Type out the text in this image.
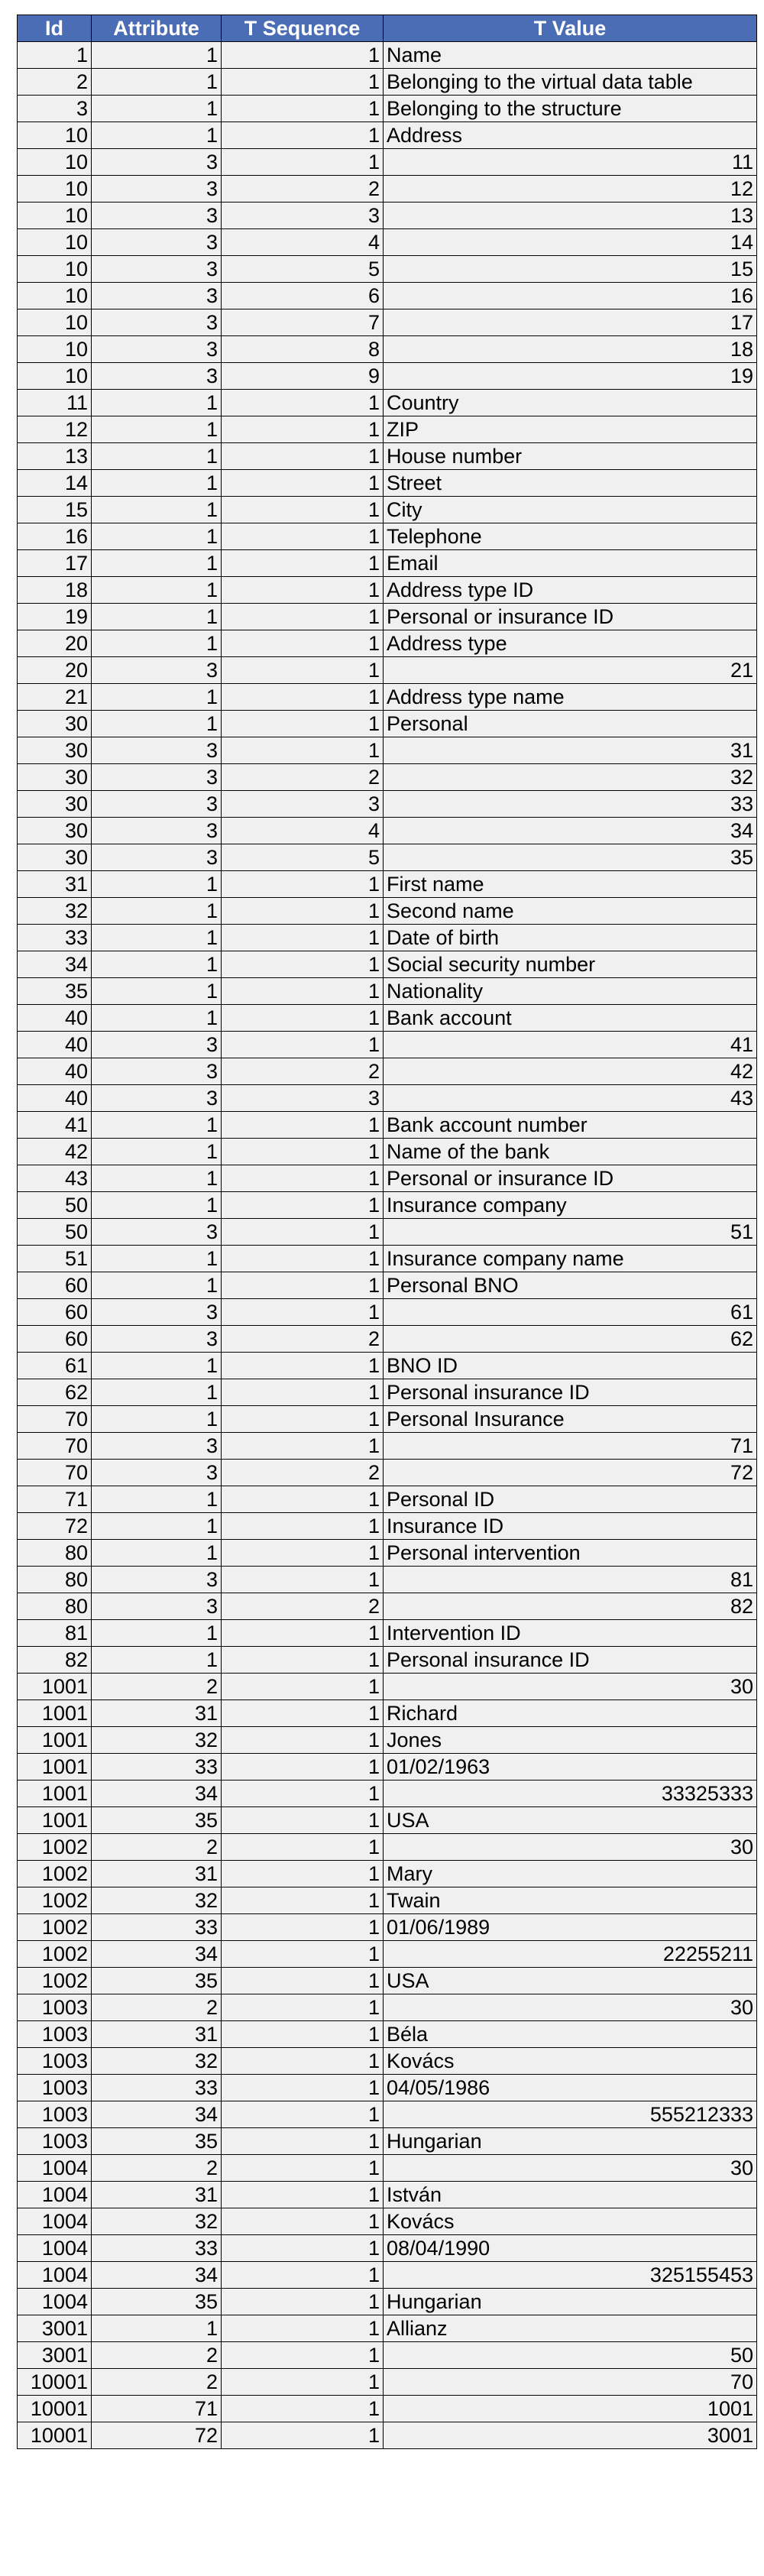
Id	Attribute	T Sequence	T Value
1	1	1	Name
2	1	1	Belonging to the virtual data table
3	1	1	Belonging to the structure
10	1	1	Address
10	3	1	11
10	3	2	12
10	3	3	13
10	3	4	14
10	3	5	15
10	3	6	16
10	3	7	17
10	3	8	18
10	3	9	19
11	1	1	Country
12	1	1	ZIP
13	1	1	House number
14	1	1	Street
15	1	1	City
16	1	1	Telephone
17	1	1	Email
18	1	1	Address type ID
19	1	1	Personal or insurance ID
20	1	1	Address type
20	3	1	21
21	1	1	Address type name
30	1	1	Personal
30	3	1	31
30	3	2	32
30	3	3	33
30	3	4	34
30	3	5	35
31	1	1	First name
32	1	1	Second name
33	1	1	Date of birth
34	1	1	Social security number
35	1	1	Nationality
40	1	1	Bank account
40	3	1	41
40	3	2	42
40	3	3	43
41	1	1	Bank account number
42	1	1	Name of the bank
43	1	1	Personal or insurance ID
50	1	1	Insurance company
50	3	1	51
51	1	1	Insurance company name
60	1	1	Personal BNO
60	3	1	61
60	3	2	62
61	1	1	BNO ID
62	1	1	Personal insurance ID
70	1	1	Personal Insurance
70	3	1	71
70	3	2	72
71	1	1	Personal ID
72	1	1	Insurance ID
80	1	1	Personal intervention
80	3	1	81
80	3	2	82
81	1	1	Intervention ID
82	1	1	Personal insurance ID
1001	2	1	30
1001	31	1	Richard
1001	32	1	Jones
1001	33	1	01/02/1963
1001	34	1	33325333
1001	35	1	USA
1002	2	1	30
1002	31	1	Mary
1002	32	1	Twain
1002	33	1	01/06/1989
1002	34	1	22255211
1002	35	1	USA
1003	2	1	30
1003	31	1	Béla
1003	32	1	Kovács
1003	33	1	04/05/1986
1003	34	1	555212333
1003	35	1	Hungarian
1004	2	1	30
1004	31	1	István
1004	32	1	Kovács
1004	33	1	08/04/1990
1004	34	1	325155453
1004	35	1	Hungarian
3001	1	1	Allianz
3001	2	1	50
10001	2	1	70
10001	71	1	1001
10001	72	1	3001
